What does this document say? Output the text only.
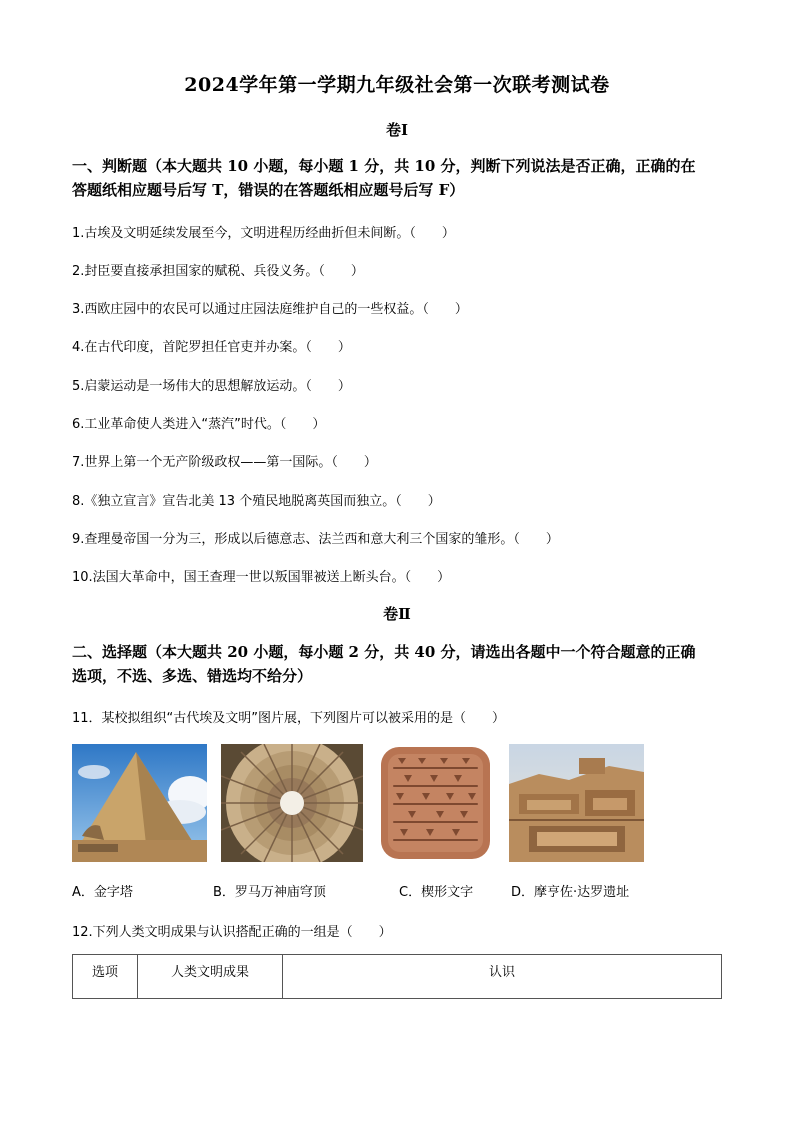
2024学年第一学期九年级社会第一次联考测试卷
卷Ⅰ
一、判断题（本大题共 10 小题，每小题 1 分，共 10 分，判断下列说法是否正确，正确的在
答题纸相应题号后写 T，错误的在答题纸相应题号后写 F）
1.古埃及文明延续发展至今，文明进程历经曲折但未间断。（　　）
2.封臣要直接承担国家的赋税、兵役义务。（　　）
3.西欧庄园中的农民可以通过庄园法庭维护自己的一些权益。（　　）
4.在古代印度，首陀罗担任官吏并办案。（　　）
5.启蒙运动是一场伟大的思想解放运动。（　　）
6.工业革命使人类进入“蒸汽”时代。（　　）
7.世界上第一个无产阶级政权——第一国际。（　　）
8.《独立宣言》宣告北美 13 个殖民地脱离英国而独立。（　　）
9.查理曼帝国一分为三，形成以后德意志、法兰西和意大利三个国家的雏形。（　　）
10.法国大革命中，国王查理一世以叛国罪被送上断头台。（　　）
卷Ⅱ
二、选择题（本大题共 20 小题，每小题 2 分，共 40 分，请选出各题中一个符合题意的正确
选项，不选、多选、错选均不给分）
11．某校拟组织“古代埃及文明”图片展，下列图片可以被采用的是（　　）
A．金字塔	B．罗马万神庙穹顶	C．楔形文字	D．摩亨佐·达罗遗址
12.下列人类文明成果与认识搭配正确的一组是（　　）
选项	人类文明成果	认识
